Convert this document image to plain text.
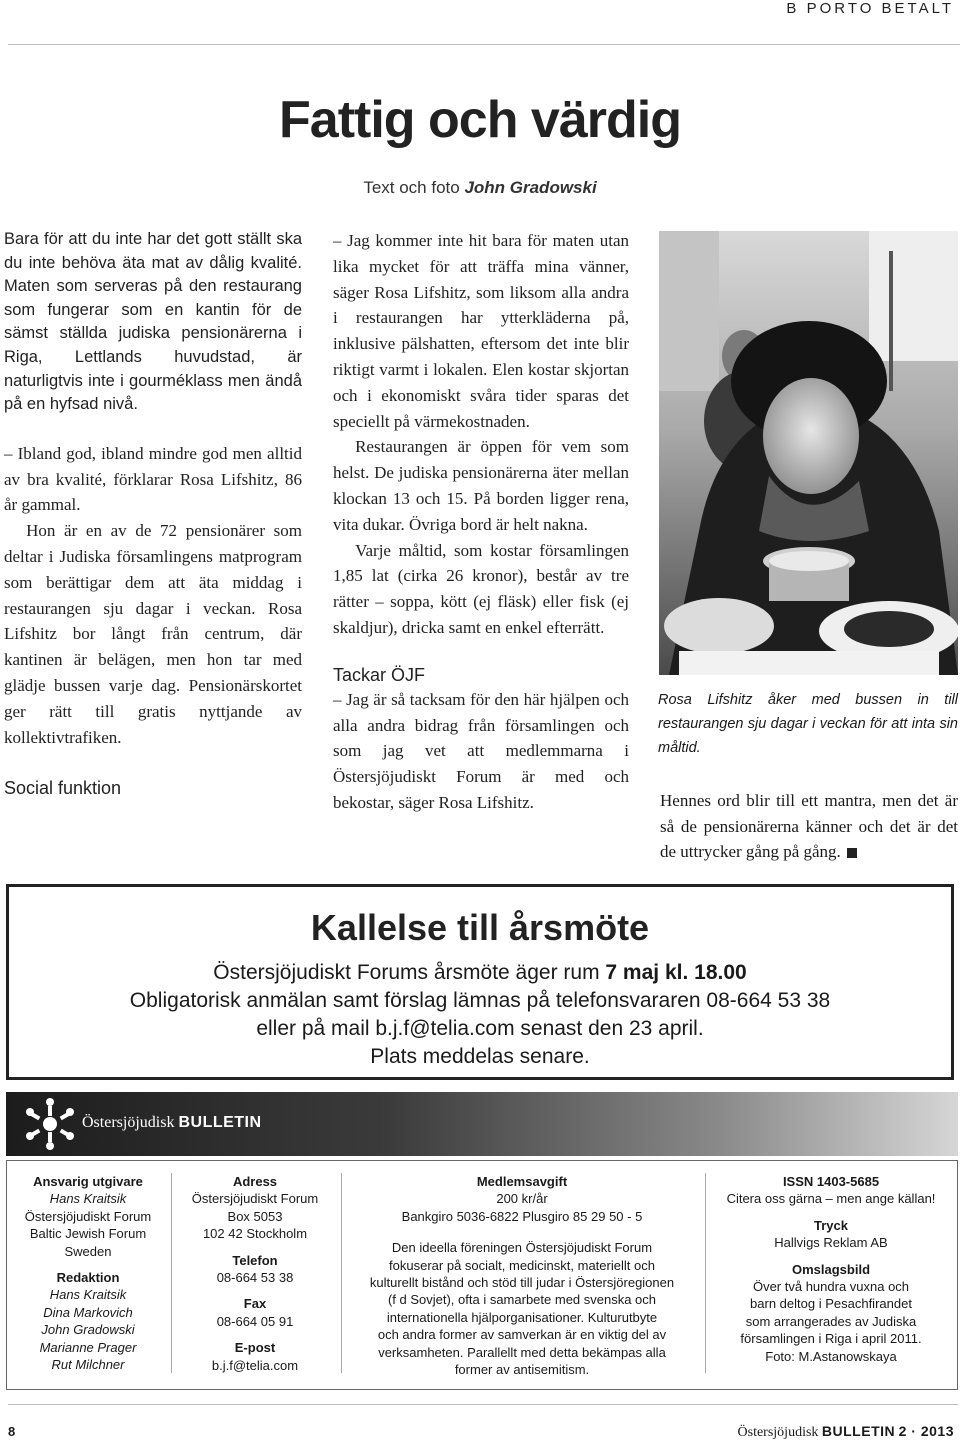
B PORTO BETALT
Fattig och värdig
Text och foto John Gradowski

Bara för att du inte har det gott ställt ska du inte behöva äta mat av dålig kvalité. Maten som serveras på den restaurang som fungerar som en kantin för de sämst ställda judiska pensionärerna i Riga, Lettlands huvudstad, är naturligtvis inte i gourméklass men ändå på en hyfsad nivå.

– Ibland god, ibland mindre god men alltid av bra kvalité, förklarar Rosa Lifshitz, 86 år gammal.

Hon är en av de 72 pensionärer som deltar i Judiska församlingens matprogram som berättigar dem att äta middag i restaurangen sju dagar i veckan. Rosa Lifshitz bor långt från centrum, där kantinen är belägen, men hon tar med glädje bussen varje dag. Pensionärskortet ger rätt till gratis nyttjande av kollektivtrafiken.

Social funktion

– Jag kommer inte hit bara för maten utan lika mycket för att träffa mina vänner, säger Rosa Lifshitz, som liksom alla andra i restaurangen har ytterkläderna på, inklusive pälshatten, eftersom det inte blir riktigt varmt i lokalen. Elen kostar skjortan och i ekonomiskt svåra tider sparas det speciellt på värmekostnaden.

Restaurangen är öppen för vem som helst. De judiska pensionärerna äter mellan klockan 13 och 15. På borden ligger rena, vita dukar. Övriga bord är helt nakna.

Varje måltid, som kostar församlingen 1,85 lat (cirka 26 kronor), består av tre rätter – soppa, kött (ej fläsk) eller fisk (ej skaldjur), dricka samt en enkel efterrätt.

Tackar ÖJF

– Jag är så tacksam för den här hjälpen och alla andra bidrag från församlingen och som jag vet att medlemmarna i Östersjöjudiskt Forum är med och bekostar, säger Rosa Lifshitz.

Rosa Lifshitz åker med bussen in till restaurangen sju dagar i veckan för att inta sin måltid.

Hennes ord blir till ett mantra, men det är så de pensionärerna känner och det är det de uttrycker gång på gång.

Kallelse till årsmöte
Östersjöjudiskt Forums årsmöte äger rum 7 maj kl. 18.00
Obligatorisk anmälan samt förslag lämnas på telefonsvararen 08-664 53 38
eller på mail b.j.f@telia.com senast den 23 april.
Plats meddelas senare.
Östersjöjudisk BULLETIN
Ansvarig utgivare
Hans Kraitsik
Östersjöjudiskt Forum
Baltic Jewish Forum
Sweden
Redaktion
Hans Kraitsik
Dina Markovich
John Gradowski
Marianne Prager
Rut Milchner
Adress
Östersjöjudiskt Forum
Box 5053
102 42 Stockholm
Telefon
08-664 53 38
Fax
08-664 05 91
E-post
b.j.f@telia.com
Medlemsavgift
200 kr/år
Bankgiro 5036-6822 Plusgiro 85 29 50 - 5
Den ideella föreningen Östersjöjudiskt Forum
fokuserar på socialt, medicinskt, materiellt och
kulturellt bistånd och stöd till judar i Östersjöregionen
(f d Sovjet), ofta i samarbete med svenska och
internationella hjälporganisationer. Kulturutbyte
och andra former av samverkan är en viktig del av
verksamheten. Parallellt med detta bekämpas alla
former av antisemitism.
ISSN 1403-5685
Citera oss gärna – men ange källan!
Tryck
Hallvigs Reklam AB
Omslagsbild
Över två hundra vuxna och
barn deltog i Pesachfirandet
som arrangerades av Judiska
församlingen i Riga i april 2011.
Foto: M.Astanowskaya
8	Östersjöjudisk BULLETIN 2 · 2013
